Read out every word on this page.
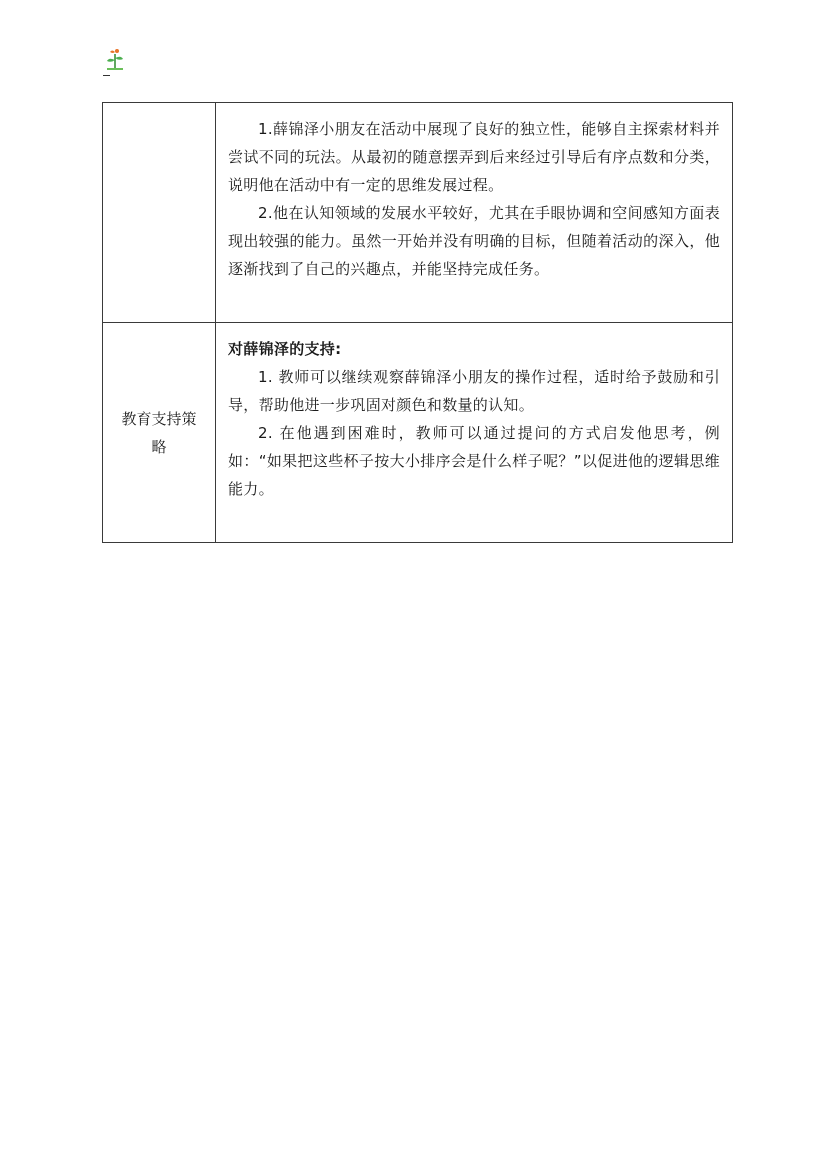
	1.薛锦泽小朋友在活动中展现了良好的独立性，能够自主探索材料并尝试不同的玩法。从最初的随意摆弄到后来经过引导后有序点数和分类，说明他在活动中有一定的思维发展过程。

2.他在认知领域的发展水平较好，尤其在手眼协调和空间感知方面表现出较强的能力。虽然一开始并没有明确的目标，但随着活动的深入，他逐渐找到了自己的兴趣点，并能坚持完成任务。

教育支持策略	对薛锦泽的支持:

1. 教师可以继续观察薛锦泽小朋友的操作过程，适时给予鼓励和引导，帮助他进一步巩固对颜色和数量的认知。

2. 在他遇到困难时，教师可以通过提问的方式启发他思考，例如：“如果把这些杯子按大小排序会是什么样子呢？”以促进他的逻辑思维能力。
